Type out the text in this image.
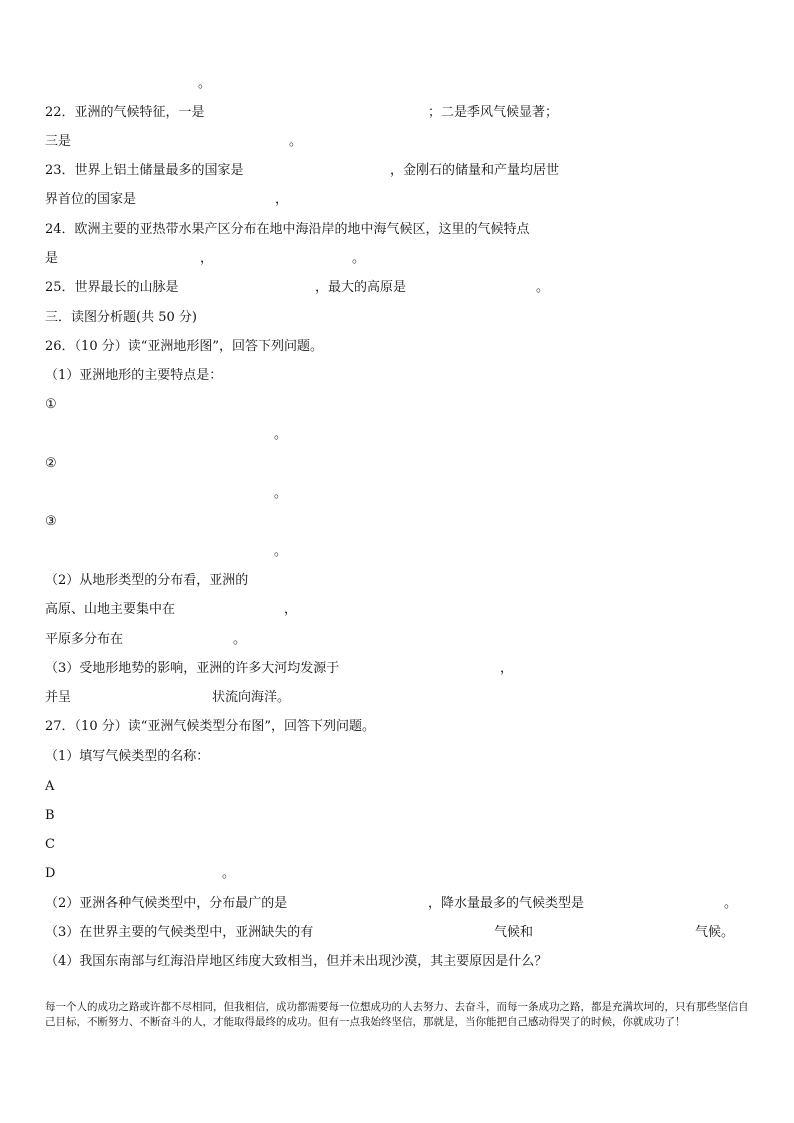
。
22．亚洲的气候特征，一是	；二是季风气候显著；
三是	。
23．世界上铝土储量最多的国家是	，金刚石的储量和产量均居世
界首位的国家是	，
24．欧洲主要的亚热带水果产区分布在地中海沿岸的地中海气候区，这里的气候特点
是	，	。
25．世界最长的山脉是	，最大的高原是	。
三．读图分析题(共 50 分)
26．（10 分）读“亚洲地形图”，回答下列问题。
（1）亚洲地形的主要特点是：
①
。
②
。
③
。
（2）从地形类型的分布看，亚洲的
高原、山地主要集中在	，
平原多分布在	。
（3）受地形地势的影响，亚洲的许多大河均发源于	，
并呈	状流向海洋。
27．（10 分）读“亚洲气候类型分布图”，回答下列问题。
（1）填写气候类型的名称：
A
B
C
D	。
（2）亚洲各种气候类型中，分布最广的是	，降水量最多的气候类型是	。
（3）在世界主要的气候类型中，亚洲缺失的有	气候和	气候。
（4）我国东南部与红海沿岸地区纬度大致相当，但并未出现沙漠，其主要原因是什么？
每一个人的成功之路或许都不尽相同，但我相信，成功都需要每一位想成功的人去努力、去奋斗，而每一条成功之路，都是充满坎坷的，只有那些坚信自己目标，不断努力、不断奋斗的人，才能取得最终的成功。但有一点我始终坚信，那就是，当你能把自己感动得哭了的时候，你就成功了！
